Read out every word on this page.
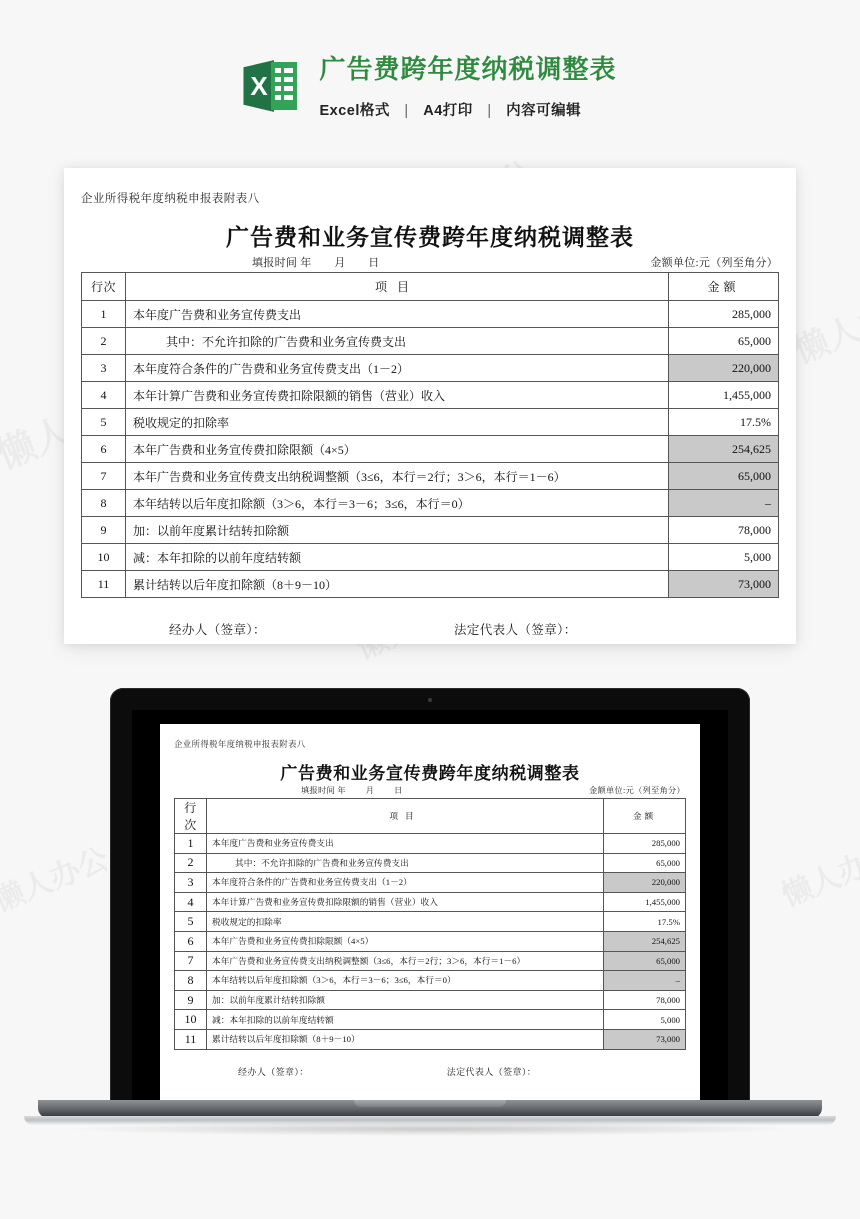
X
广告费跨年度纳税调整表
Excel格式 | A4打印 | 内容可编辑
企业所得税年度纳税申报表附表八
广告费和业务宣传费跨年度纳税调整表
填报时间 年　月　日	金额单位:元（列至角分）
行次	项目	金额
1	本年度广告费和业务宣传费支出	285,000
2	其中：不允许扣除的广告费和业务宣传费支出	65,000
3	本年度符合条件的广告费和业务宣传费支出（1－2）	220,000
4	本年计算广告费和业务宣传费扣除限额的销售（营业）收入	1,455,000
5	税收规定的扣除率	17.5%
6	本年广告费和业务宣传费扣除限额（4×5）	254,625
7	本年广告费和业务宣传费支出纳税调整额（3≤6，本行＝2行；3＞6，本行＝1－6）	65,000
8	本年结转以后年度扣除额（3＞6，本行＝3－6；3≤6，本行＝0）	–
9	加：以前年度累计结转扣除额	78,000
10	减：本年扣除的以前年度结转额	5,000
11	累计结转以后年度扣除额（8＋9－10）	73,000
经办人（签章）：	法定代表人（签章）：
企业所得税年度纳税申报表附表八
广告费和业务宣传费跨年度纳税调整表
填报时间 年　月　日	金额单位:元（列至角分）
行次	项目	金额
1	本年度广告费和业务宣传费支出	285,000
2	其中：不允许扣除的广告费和业务宣传费支出	65,000
3	本年度符合条件的广告费和业务宣传费支出（1－2）	220,000
4	本年计算广告费和业务宣传费扣除限额的销售（营业）收入	1,455,000
5	税收规定的扣除率	17.5%
6	本年广告费和业务宣传费扣除限额（4×5）	254,625
7	本年广告费和业务宣传费支出纳税调整额（3≤6，本行＝2行；3＞6，本行＝1－6）	65,000
8	本年结转以后年度扣除额（3＞6，本行＝3－6；3≤6，本行＝0）	–
9	加：以前年度累计结转扣除额	78,000
10	减：本年扣除的以前年度结转额	5,000
11	累计结转以后年度扣除额（8＋9－10）	73,000
经办人（签章）：	法定代表人（签章）：
